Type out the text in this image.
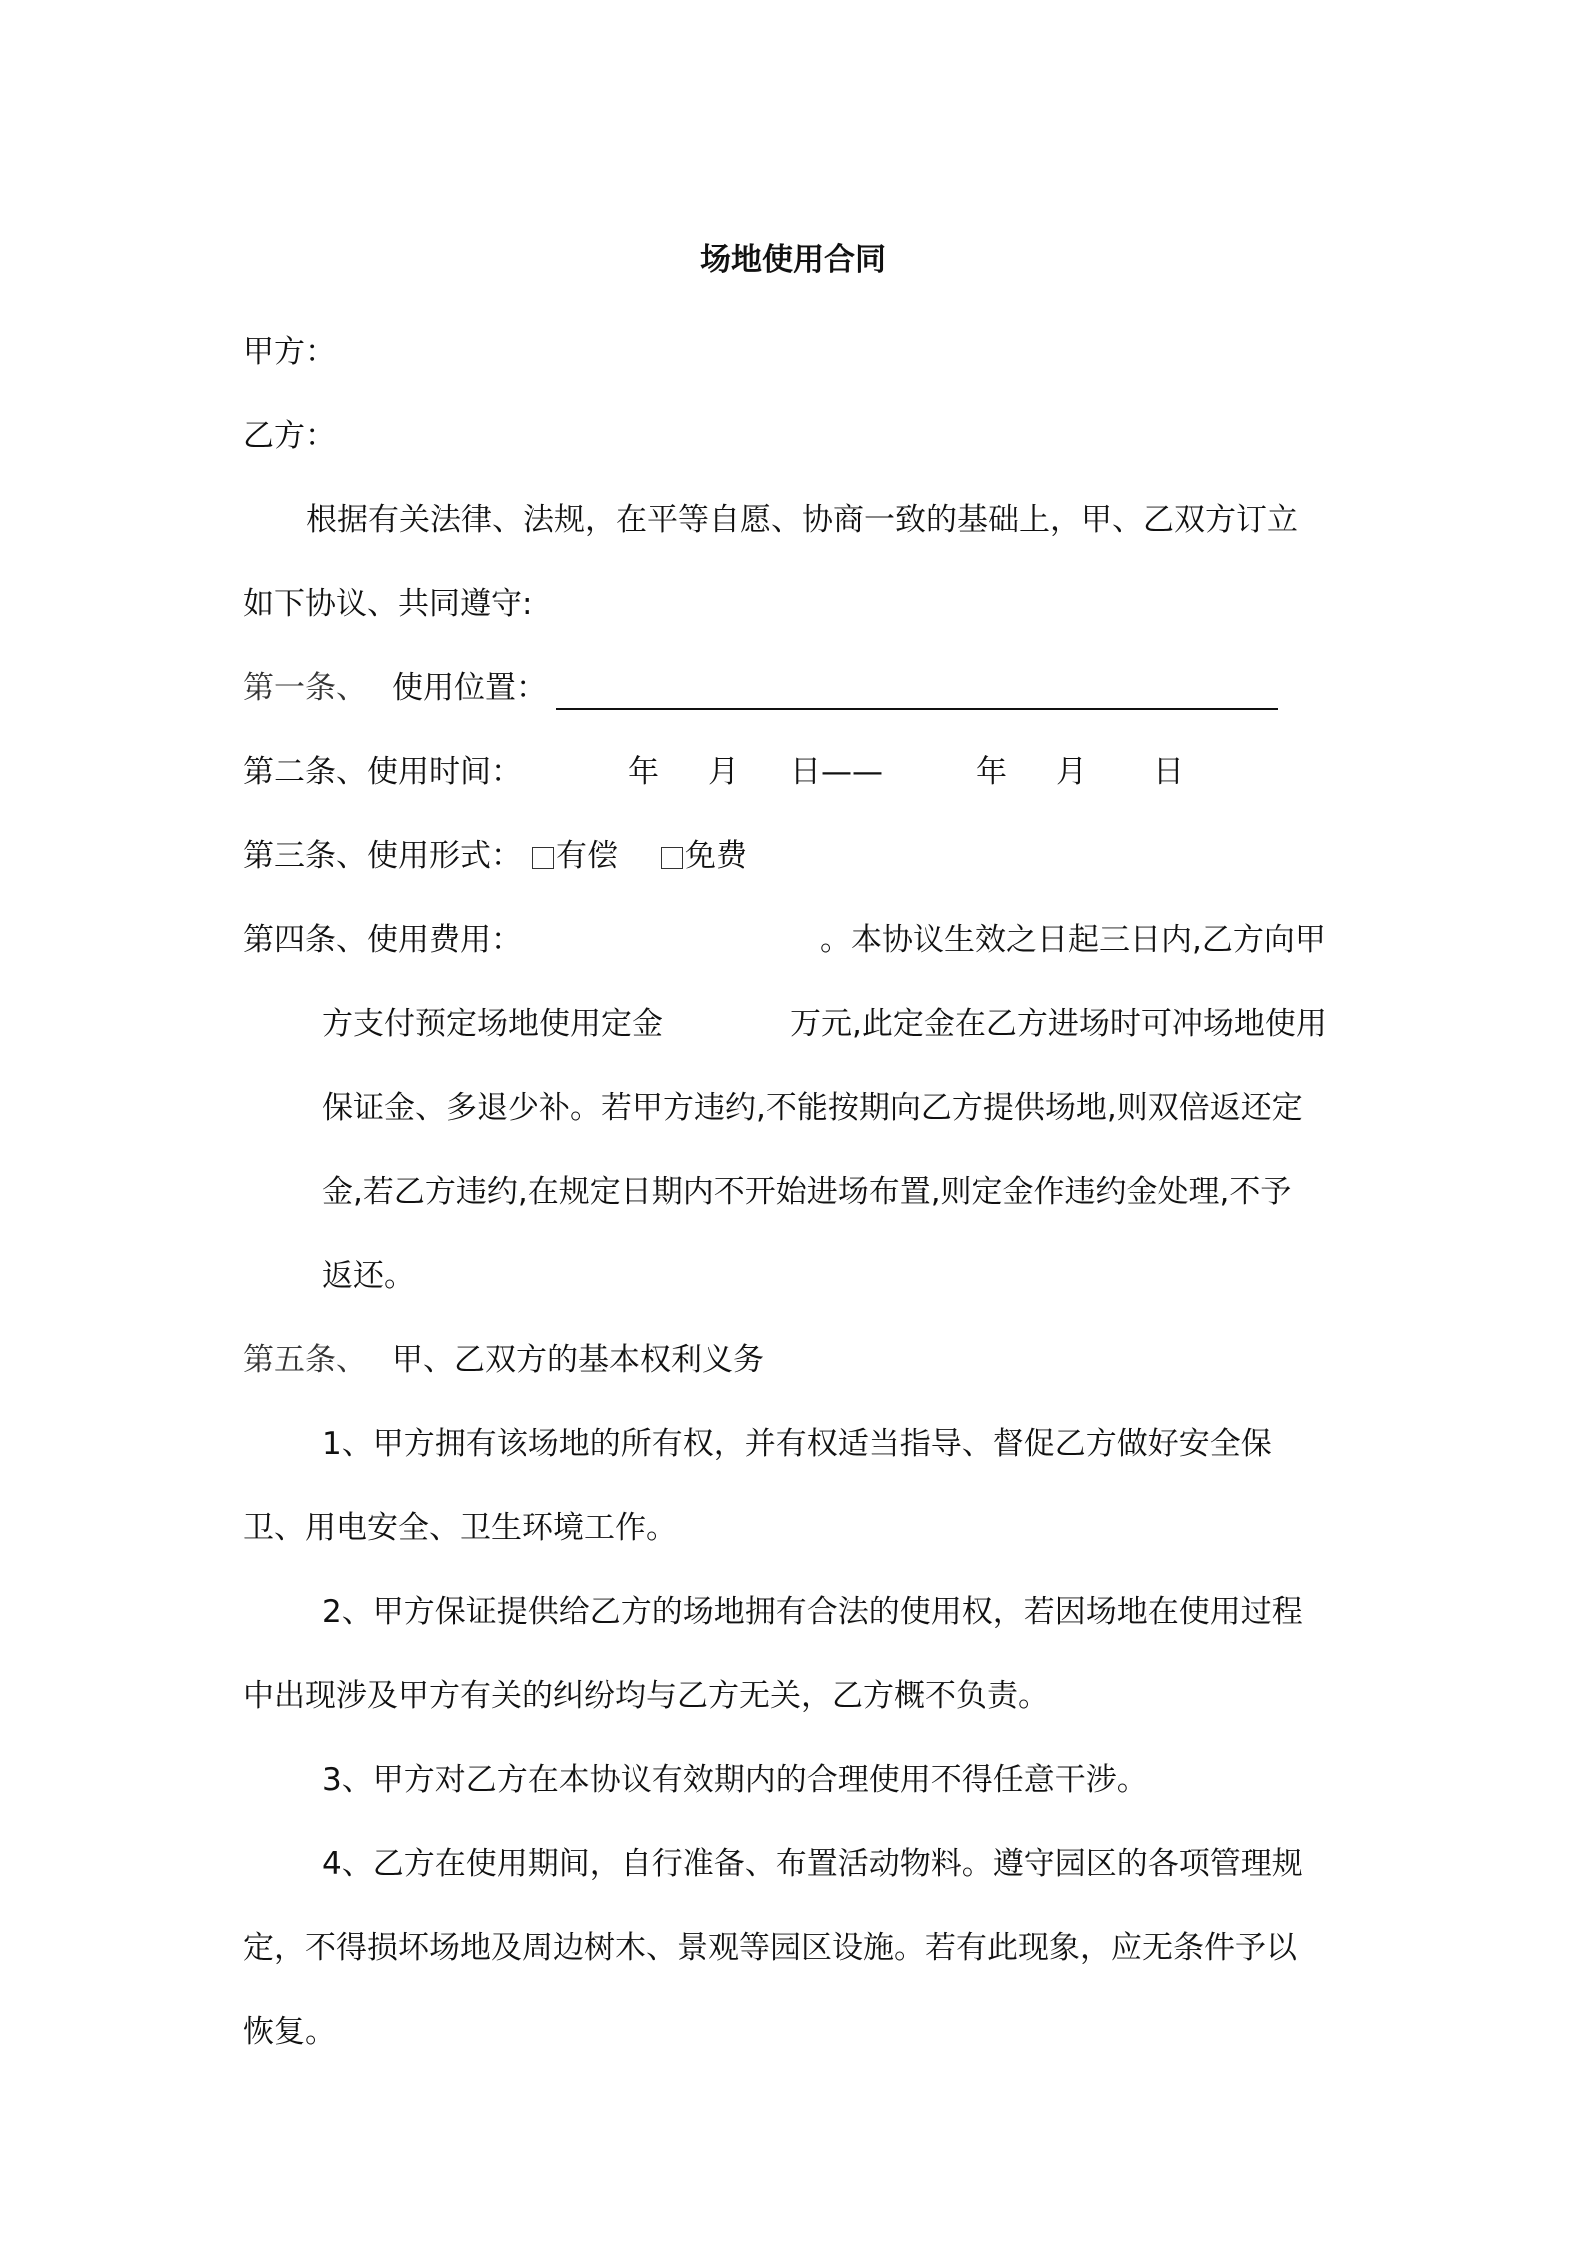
场地使用合同
甲方：
乙方：
根据有关法律、法规，在平等自愿、协商一致的基础上，甲、乙双方订立
如下协议、共同遵守:
第一条、 使用位置：
第二条、使用时间：	年 月 日——	年 月 日
第三条、使用形式：	有偿	免费
第四条、使用费用：	。本协议生效之日起三日内,乙方向甲
方支付预定场地使用定金	万元,此定金在乙方进场时可冲场地使用
保证金、多退少补。若甲方违约,不能按期向乙方提供场地,则双倍返还定
金,若乙方违约,在规定日期内不开始进场布置,则定金作违约金处理,不予
返还。
第五条、 甲、乙双方的基本权利义务
1、甲方拥有该场地的所有权，并有权适当指导、督促乙方做好安全保
卫、用电安全、卫生环境工作。
2、甲方保证提供给乙方的场地拥有合法的使用权，若因场地在使用过程
中出现涉及甲方有关的纠纷均与乙方无关，乙方概不负责。
3、甲方对乙方在本协议有效期内的合理使用不得任意干涉。
4、乙方在使用期间，自行准备、布置活动物料。遵守园区的各项管理规
定，不得损坏场地及周边树木、景观等园区设施。若有此现象，应无条件予以
恢复。
